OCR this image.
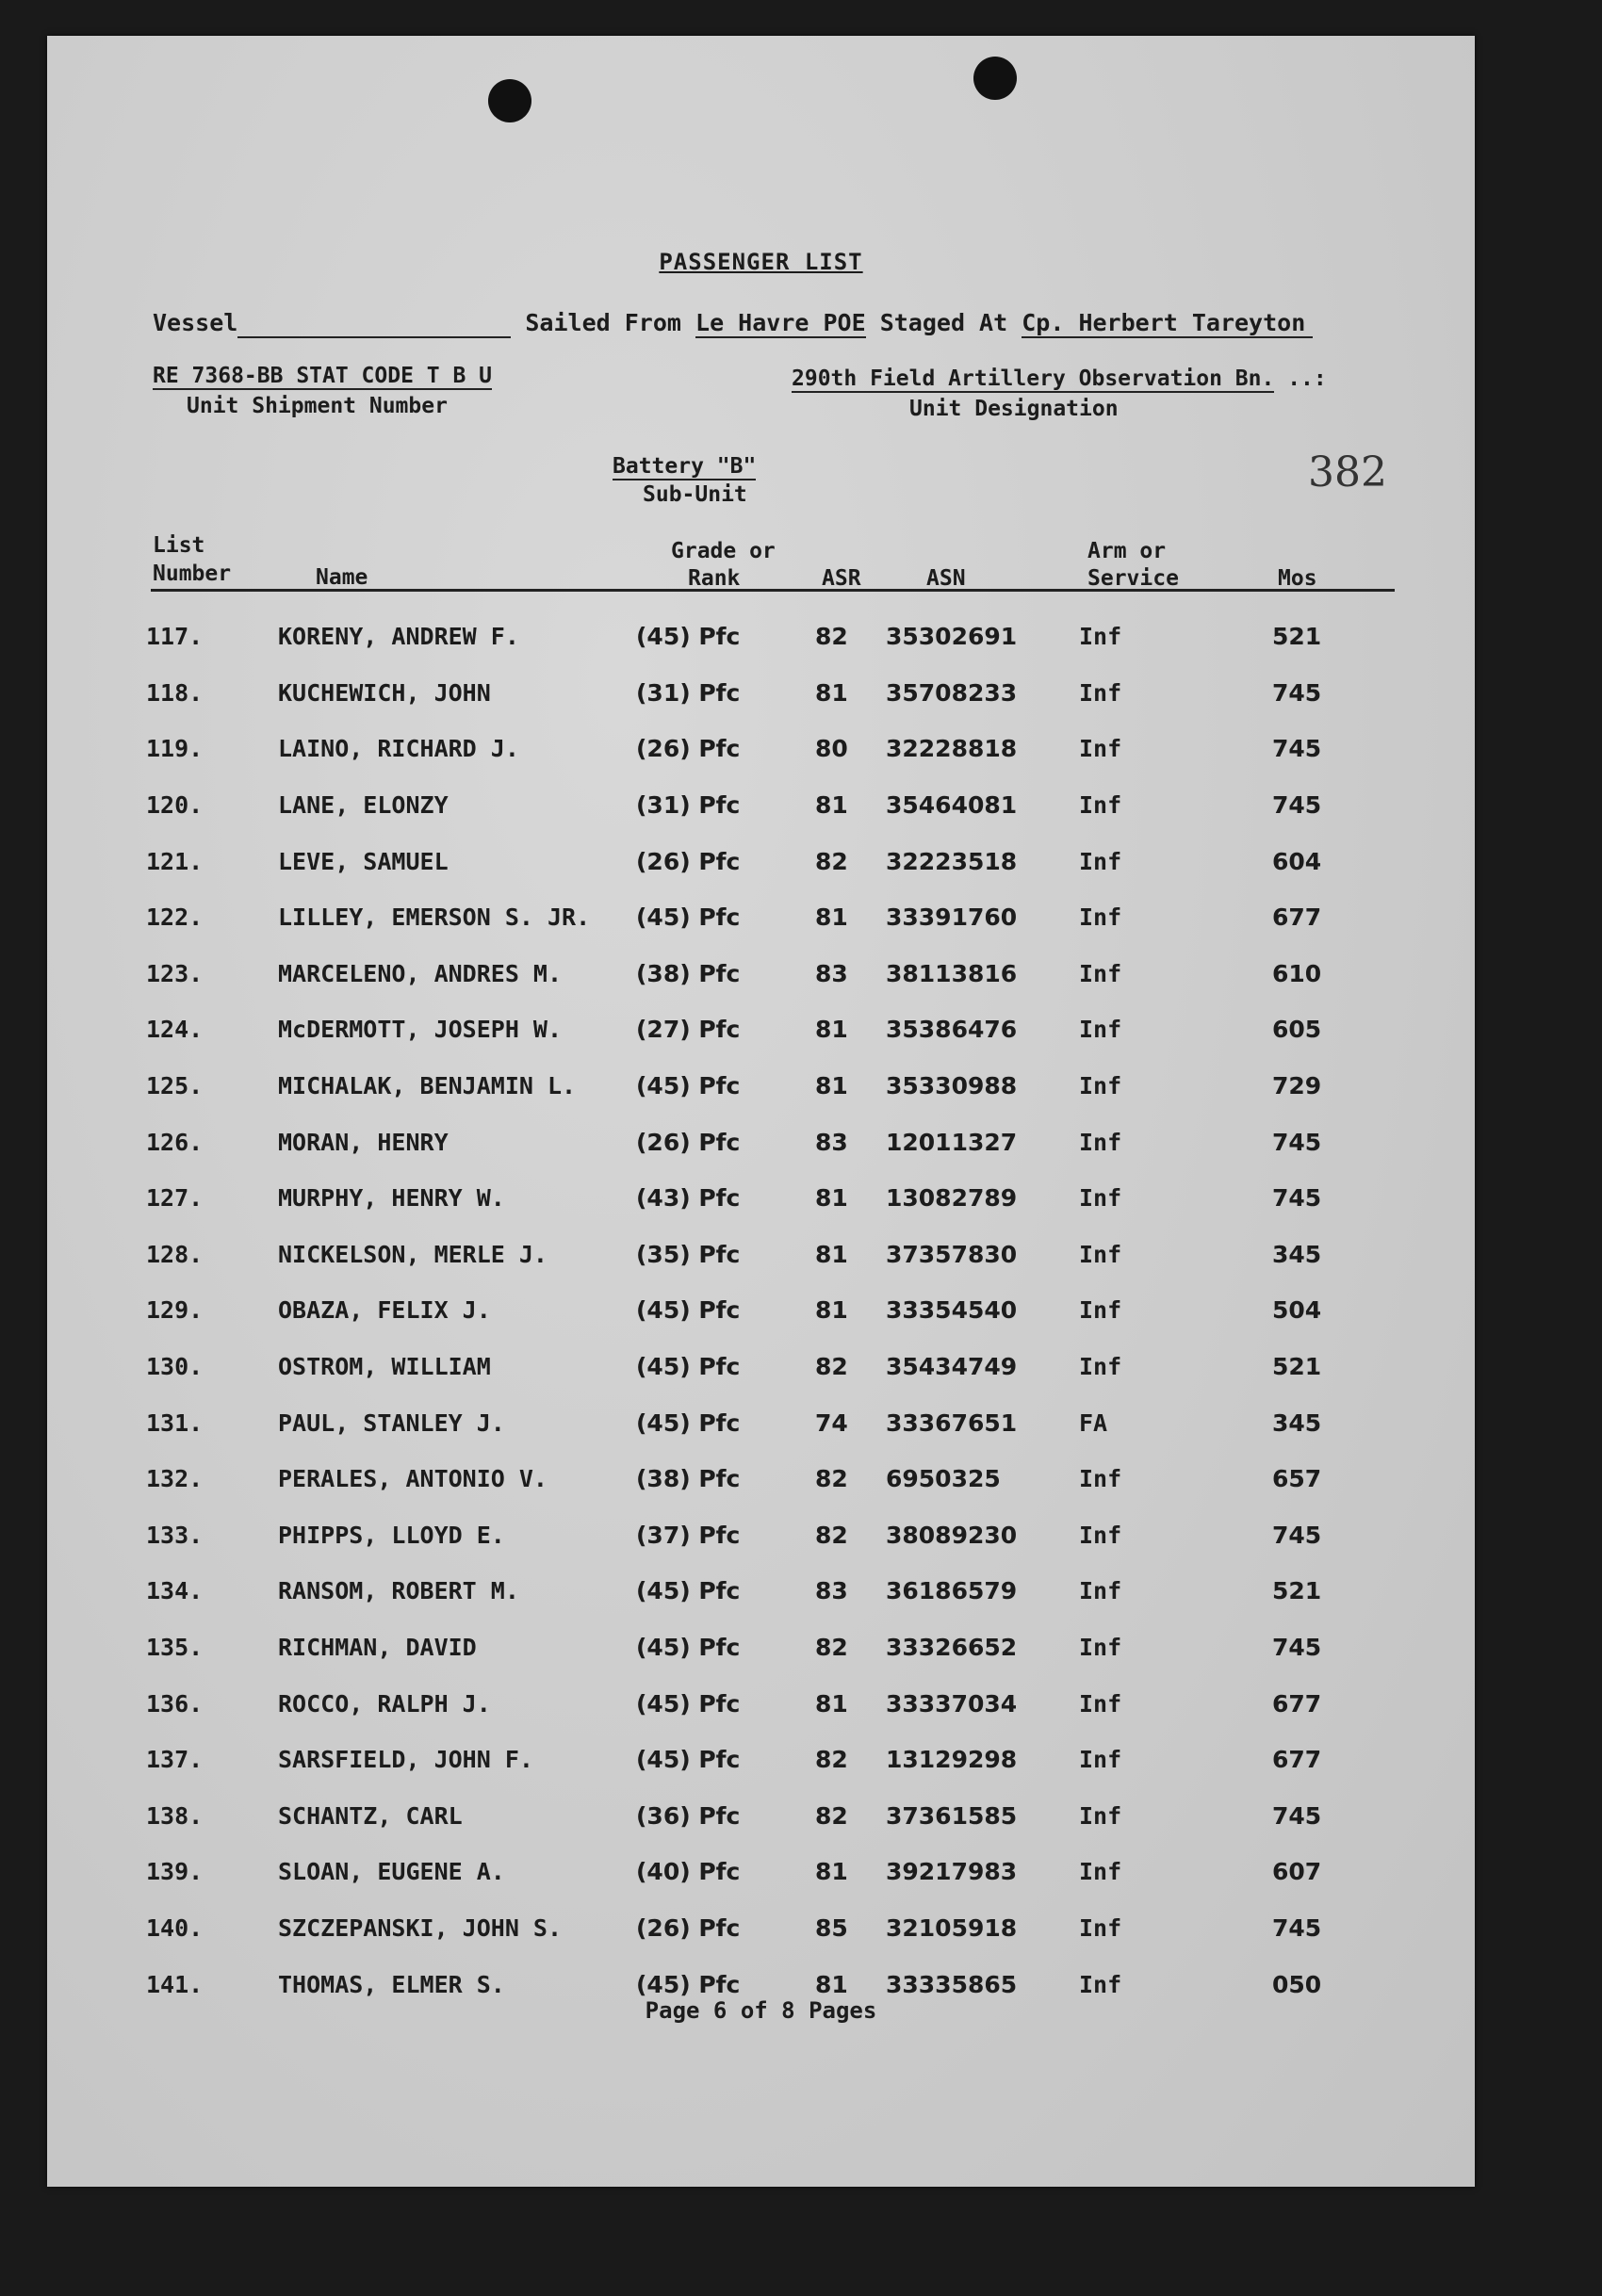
PASSENGER LIST
Vessel	Sailed From Le Havre POE Staged At Cp. Herbert Tareyton
RE 7368-BB STAT CODE T B U
Unit Shipment Number
290th Field Artillery Observation Bn. ..:
Unit Designation
Battery "B"
Sub-Unit	382
List
Number	Name
Grade or
Rank	ASR	ASN
Arm or
Service	Mos
117.	KORENY, ANDREW F.	(45) Pfc	82	35302691	Inf	521
118.	KUCHEWICH, JOHN	(31) Pfc	81	35708233	Inf	745
119.	LAINO, RICHARD J.	(26) Pfc	80	32228818	Inf	745
120.	LANE, ELONZY	(31) Pfc	81	35464081	Inf	745
121.	LEVE, SAMUEL	(26) Pfc	82	32223518	Inf	604
122.	LILLEY, EMERSON S. JR.	(45) Pfc	81	33391760	Inf	677
123.	MARCELENO, ANDRES M.	(38) Pfc	83	38113816	Inf	610
124.	McDERMOTT, JOSEPH W.	(27) Pfc	81	35386476	Inf	605
125.	MICHALAK, BENJAMIN L.	(45) Pfc	81	35330988	Inf	729
126.	MORAN, HENRY	(26) Pfc	83	12011327	Inf	745
127.	MURPHY, HENRY W.	(43) Pfc	81	13082789	Inf	745
128.	NICKELSON, MERLE J.	(35) Pfc	81	37357830	Inf	345
129.	OBAZA, FELIX J.	(45) Pfc	81	33354540	Inf	504
130.	OSTROM, WILLIAM	(45) Pfc	82	35434749	Inf	521
131.	PAUL, STANLEY J.	(45) Pfc	74	33367651	FA	345
132.	PERALES, ANTONIO V.	(38) Pfc	82	6950325	Inf	657
133.	PHIPPS, LLOYD E.	(37) Pfc	82	38089230	Inf	745
134.	RANSOM, ROBERT M.	(45) Pfc	83	36186579	Inf	521
135.	RICHMAN, DAVID	(45) Pfc	82	33326652	Inf	745
136.	ROCCO, RALPH J.	(45) Pfc	81	33337034	Inf	677
137.	SARSFIELD, JOHN F.	(45) Pfc	82	13129298	Inf	677
138.	SCHANTZ, CARL	(36) Pfc	82	37361585	Inf	745
139.	SLOAN, EUGENE A.	(40) Pfc	81	39217983	Inf	607
140.	SZCZEPANSKI, JOHN S.	(26) Pfc	85	32105918	Inf	745
141.	THOMAS, ELMER S.	(45) Pfc	81	33335865	Inf	050
Page 6 of 8 Pages
